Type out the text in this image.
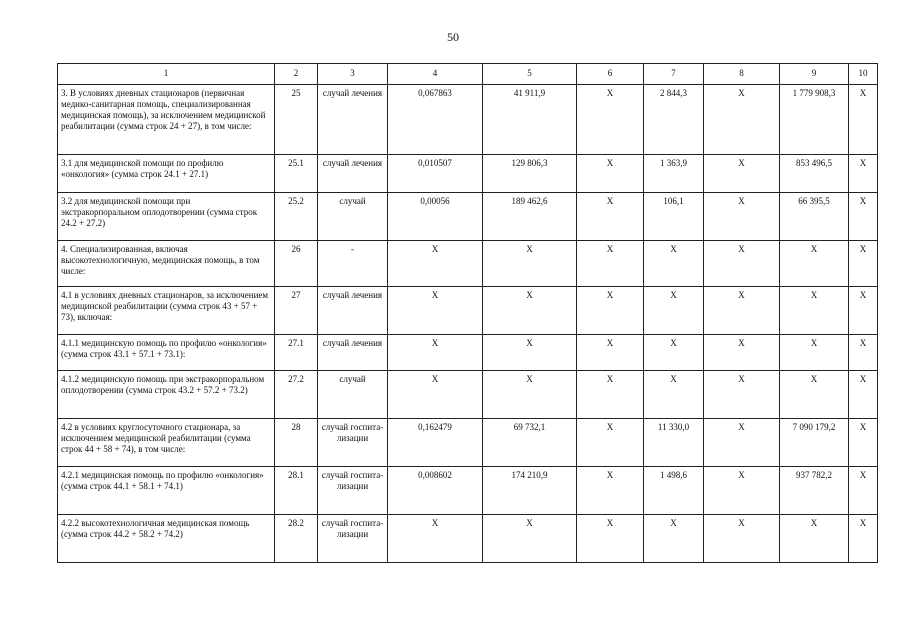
50
1	2	3	4	5	6	7	8	9	10
3. В условиях дневных стационаров (первичная медико-санитарная помощь, специализированная медицинская помощь), за исключением медицинской реабилитации (сумма строк 24 + 27), в том числе:	25	случай лечения	0,067863	41 911,9	X	2 844,3	X	1 779 908,3	X
3.1 для медицинской помощи по профилю «онкология» (сумма строк 24.1 + 27.1)	25.1	случай лечения	0,010507	129 806,3	X	1 363,9	X	853 496,5	X
3.2 для медицинской помощи при экстракорпоральном оплодотворении (сумма строк 24.2 + 27.2)	25.2	случай	0,00056	189 462,6	X	106,1	X	66 395,5	X
4. Специализированная, включая высокотехнологичную, медицинская помощь, в том числе:	26	-	X	X	X	X	X	X	X
4.1 в условиях дневных стационаров, за исключением медицинской реабилитации (сумма строк 43 + 57 + 73), включая:	27	случай лечения	X	X	X	X	X	X	X
4.1.1 медицинскую помощь по профилю «онкология» (сумма строк 43.1 + 57.1 + 73.1):	27.1	случай лечения	X	X	X	X	X	X	X
4.1.2 медицинскую помощь при экстракорпоральном оплодотворении (сумма строк 43.2 + 57.2 + 73.2)	27.2	случай	X	X	X	X	X	X	X
4.2 в условиях круглосуточного стационара, за исключением медицинской реабилитации (сумма строк 44 + 58 + 74), в том числе:	28	случай госпита-лизации	0,162479	69 732,1	X	11 330,0	X	7 090 179,2	X
4.2.1 медицинская помощь по профилю «онкология» (сумма строк 44.1 + 58.1 + 74.1)	28.1	случай госпита-лизации	0,008602	174 210,9	X	1 498,6	X	937 782,2	X
4.2.2 высокотехнологичная медицинская помощь (сумма строк 44.2 + 58.2 + 74.2)	28.2	случай госпита-лизации	X	X	X	X	X	X	X
